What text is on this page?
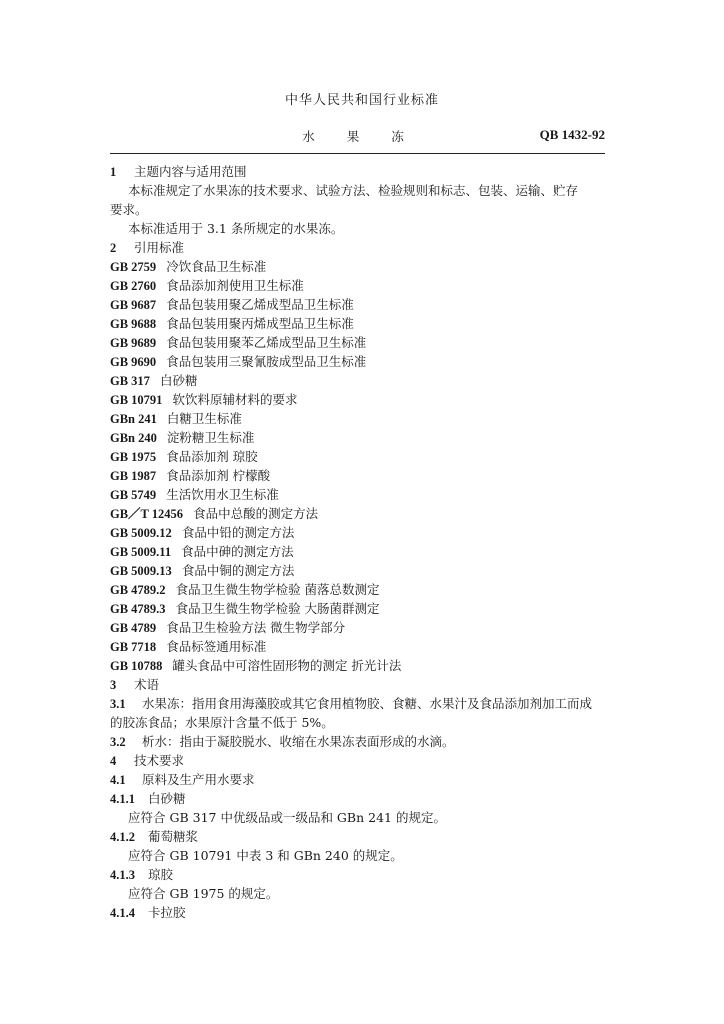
中华人民共和国行业标准
水 果 冻	QB 1432-92
1 主题内容与适用范围
本标准规定了水果冻的技术要求、试验方法、检验规则和标志、包装、运输、贮存
要求。
本标准适用于 3.1 条所规定的水果冻。
2 引用标准
GB 2759 冷饮食品卫生标准
GB 2760 食品添加剂使用卫生标准
GB 9687 食品包装用聚乙烯成型品卫生标准
GB 9688 食品包装用聚丙烯成型品卫生标准
GB 9689 食品包装用聚苯乙烯成型品卫生标准
GB 9690 食品包装用三聚氰胺成型品卫生标准
GB 317 白砂糖
GB 10791 软饮料原辅材料的要求
GBn 241 白糖卫生标准
GBn 240 淀粉糖卫生标准
GB 1975 食品添加剂 琼胶
GB 1987 食品添加剂 柠檬酸
GB 5749 生活饮用水卫生标准
GB／T 12456 食品中总酸的测定方法
GB 5009.12 食品中铅的测定方法
GB 5009.11 食品中砷的测定方法
GB 5009.13 食品中铜的测定方法
GB 4789.2 食品卫生微生物学检验 菌落总数测定
GB 4789.3 食品卫生微生物学检验 大肠菌群测定
GB 4789 食品卫生检验方法 微生物学部分
GB 7718 食品标签通用标准
GB 10788 罐头食品中可溶性固形物的测定 折光计法
3 术语
3.1 水果冻：指用食用海藻胶或其它食用植物胶、食糖、水果汁及食品添加剂加工而成
的胶冻食品；水果原汁含量不低于 5%。
3.2 析水：指由于凝胶脱水、收缩在水果冻表面形成的水滴。
4 技术要求
4.1 原料及生产用水要求
4.1.1 白砂糖
应符合 GB 317 中优级品或一级品和 GBn 241 的规定。
4.1.2 葡萄糖浆
应符合 GB 10791 中表 3 和 GBn 240 的规定。
4.1.3 琼胶
应符合 GB 1975 的规定。
4.1.4 卡拉胶
